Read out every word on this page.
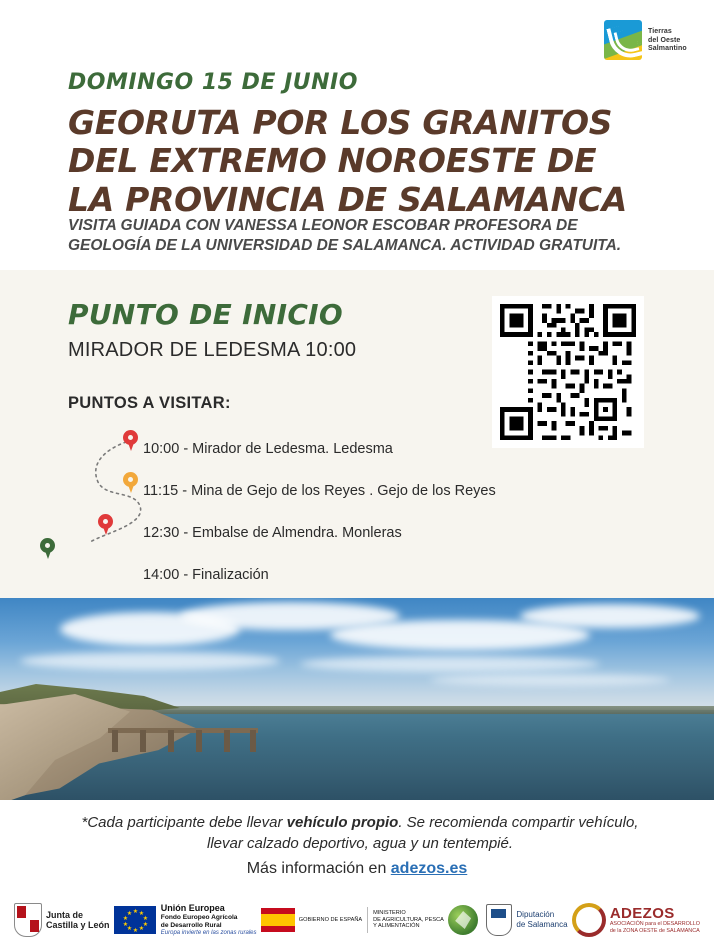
Tierras
del Oeste
Salmantino
DOMINGO 15 DE JUNIO
GEORUTA POR LOS GRANITOS
DEL EXTREMO NOROESTE DE
LA PROVINCIA DE SALAMANCA
VISITA GUIADA CON VANESSA LEONOR ESCOBAR PROFESORA DE
GEOLOGÍA DE LA UNIVERSIDAD DE SALAMANCA. ACTIVIDAD GRATUITA.
PUNTO DE INICIO
MIRADOR DE LEDESMA 10:00
PUNTOS A VISITAR:
10:00 - Mirador de Ledesma. Ledesma
11:15 - Mina de Gejo de los Reyes . Gejo de los Reyes
12:30 - Embalse de Almendra. Monleras
14:00 - Finalización
*Cada participante debe llevar vehículo propio. Se recomienda compartir vehículo, llevar calzado deportivo, agua y un tentempié.
Más información en adezos.es
Junta de
Castilla y León
★ ★
★
★
★
★
★
★
★
★
Unión Europea
Fondo Europeo Agrícola
de Desarrollo Rural
Europa invierte en las zonas rurales
GOBIERNO DE ESPAÑA
MINISTERIO
DE AGRICULTURA, PESCA
Y ALIMENTACIÓN
Diputación
de Salamanca
ADEZOS
ASOCIACIÓN para el DESARROLLO
de la ZONA OESTE de SALAMANCA
